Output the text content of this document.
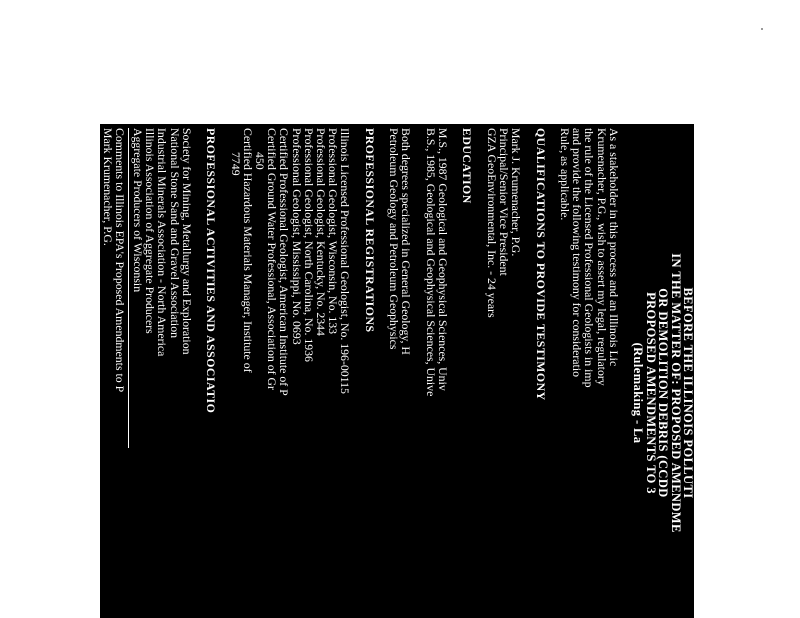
BEFORE THE ILLINOIS POLLUTI
IN THE MATTER OF: PROPOSED AMENDME
OR DEMOLITION DEBRIS (CCDD
PROPOSED AMENDMENTS TO 3
(Rulemaking - La

As a stakeholder in this process and an Illinois Lic

Krumenacher, P.G., wish to assert my legal, regulatory

the rule of the Licensed Professional Geologists in imp

and provide the following testimony for consideratio

Rule, as applicable.

QUALIFICATIONS TO PROVIDE TESTIMONY

Mark J. Krumenacher, P.G.

Principal/Senior Vice President

GZA GeoEnvironmental, Inc. - 24 years

EDUCATION

M.S., 1987 Geological and Geophysical Sciences, Univ

B.S., 1985, Geological and Geophysical Sciences, Unive

Both degrees specialized in General Geology, H

Petroleum Geology and Petroleum Geophysics

PROFESSIONAL REGISTRATIONS

Illinois Licensed Professional Geologist, No. 196-00115

Professional Geologist, Wisconsin, No. 133

Professional Geologist, Kentucky, No. 2344

Professional Geologist, North Carolina, No. 1936

Professional Geologist, Mississippi, No. 0693

Certified Professional Geologist, American Institute of P

Certified Ground Water Professional, Association of Gr

450

Certified Hazardous Materials Manager, Institute of

7749

PROFESSIONAL ACTIVITIES AND ASSOCIATIO

Society for Mining, Metallurgy and Exploration

National Stone Sand and Gravel Association

Industrial Minerals Association - North America

Illinois Association of Aggregate Producers

Aggregate Producers of Wisconsin

Comments to Illinois EPA's Proposed Amendments to P

Mark Krumenacher, P.G.

GZA GeoEnvironmental, Inc.
